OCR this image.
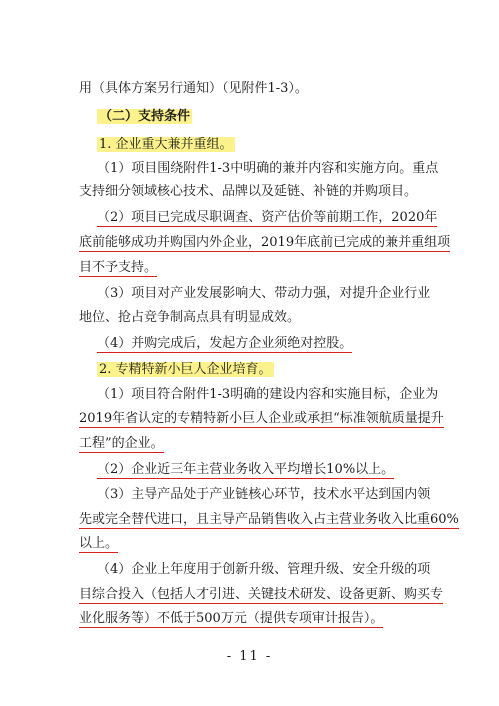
用（具体方案另行通知）（见附件1-3）。
（二）支持条件
1. 企业重大兼并重组。
（1）项目围绕附件1-3中明确的兼并内容和实施方向。重点
支持细分领域核心技术、品牌以及延链、补链的并购项目。
（2）项目已完成尽职调查、资产估价等前期工作，2020年
底前能够成功并购国内外企业，2019年底前已完成的兼并重组项
目不予支持。
（3）项目对产业发展影响大、带动力强，对提升企业行业
地位、抢占竞争制高点具有明显成效。
（4）并购完成后，发起方企业须绝对控股。
2. 专精特新小巨人企业培育。
（1）项目符合附件1-3明确的建设内容和实施目标，企业为
2019年省认定的专精特新小巨人企业或承担“标准领航质量提升
工程”的企业。
（2）企业近三年主营业务收入平均增长10%以上。
（3）主导产品处于产业链核心环节，技术水平达到国内领
先或完全替代进口，且主导产品销售收入占主营业务收入比重60%
以上。
（4）企业上年度用于创新升级、管理升级、安全升级的项
目综合投入（包括人才引进、关键技术研发、设备更新、购买专
业化服务等）不低于500万元（提供专项审计报告）。
- 11 -
